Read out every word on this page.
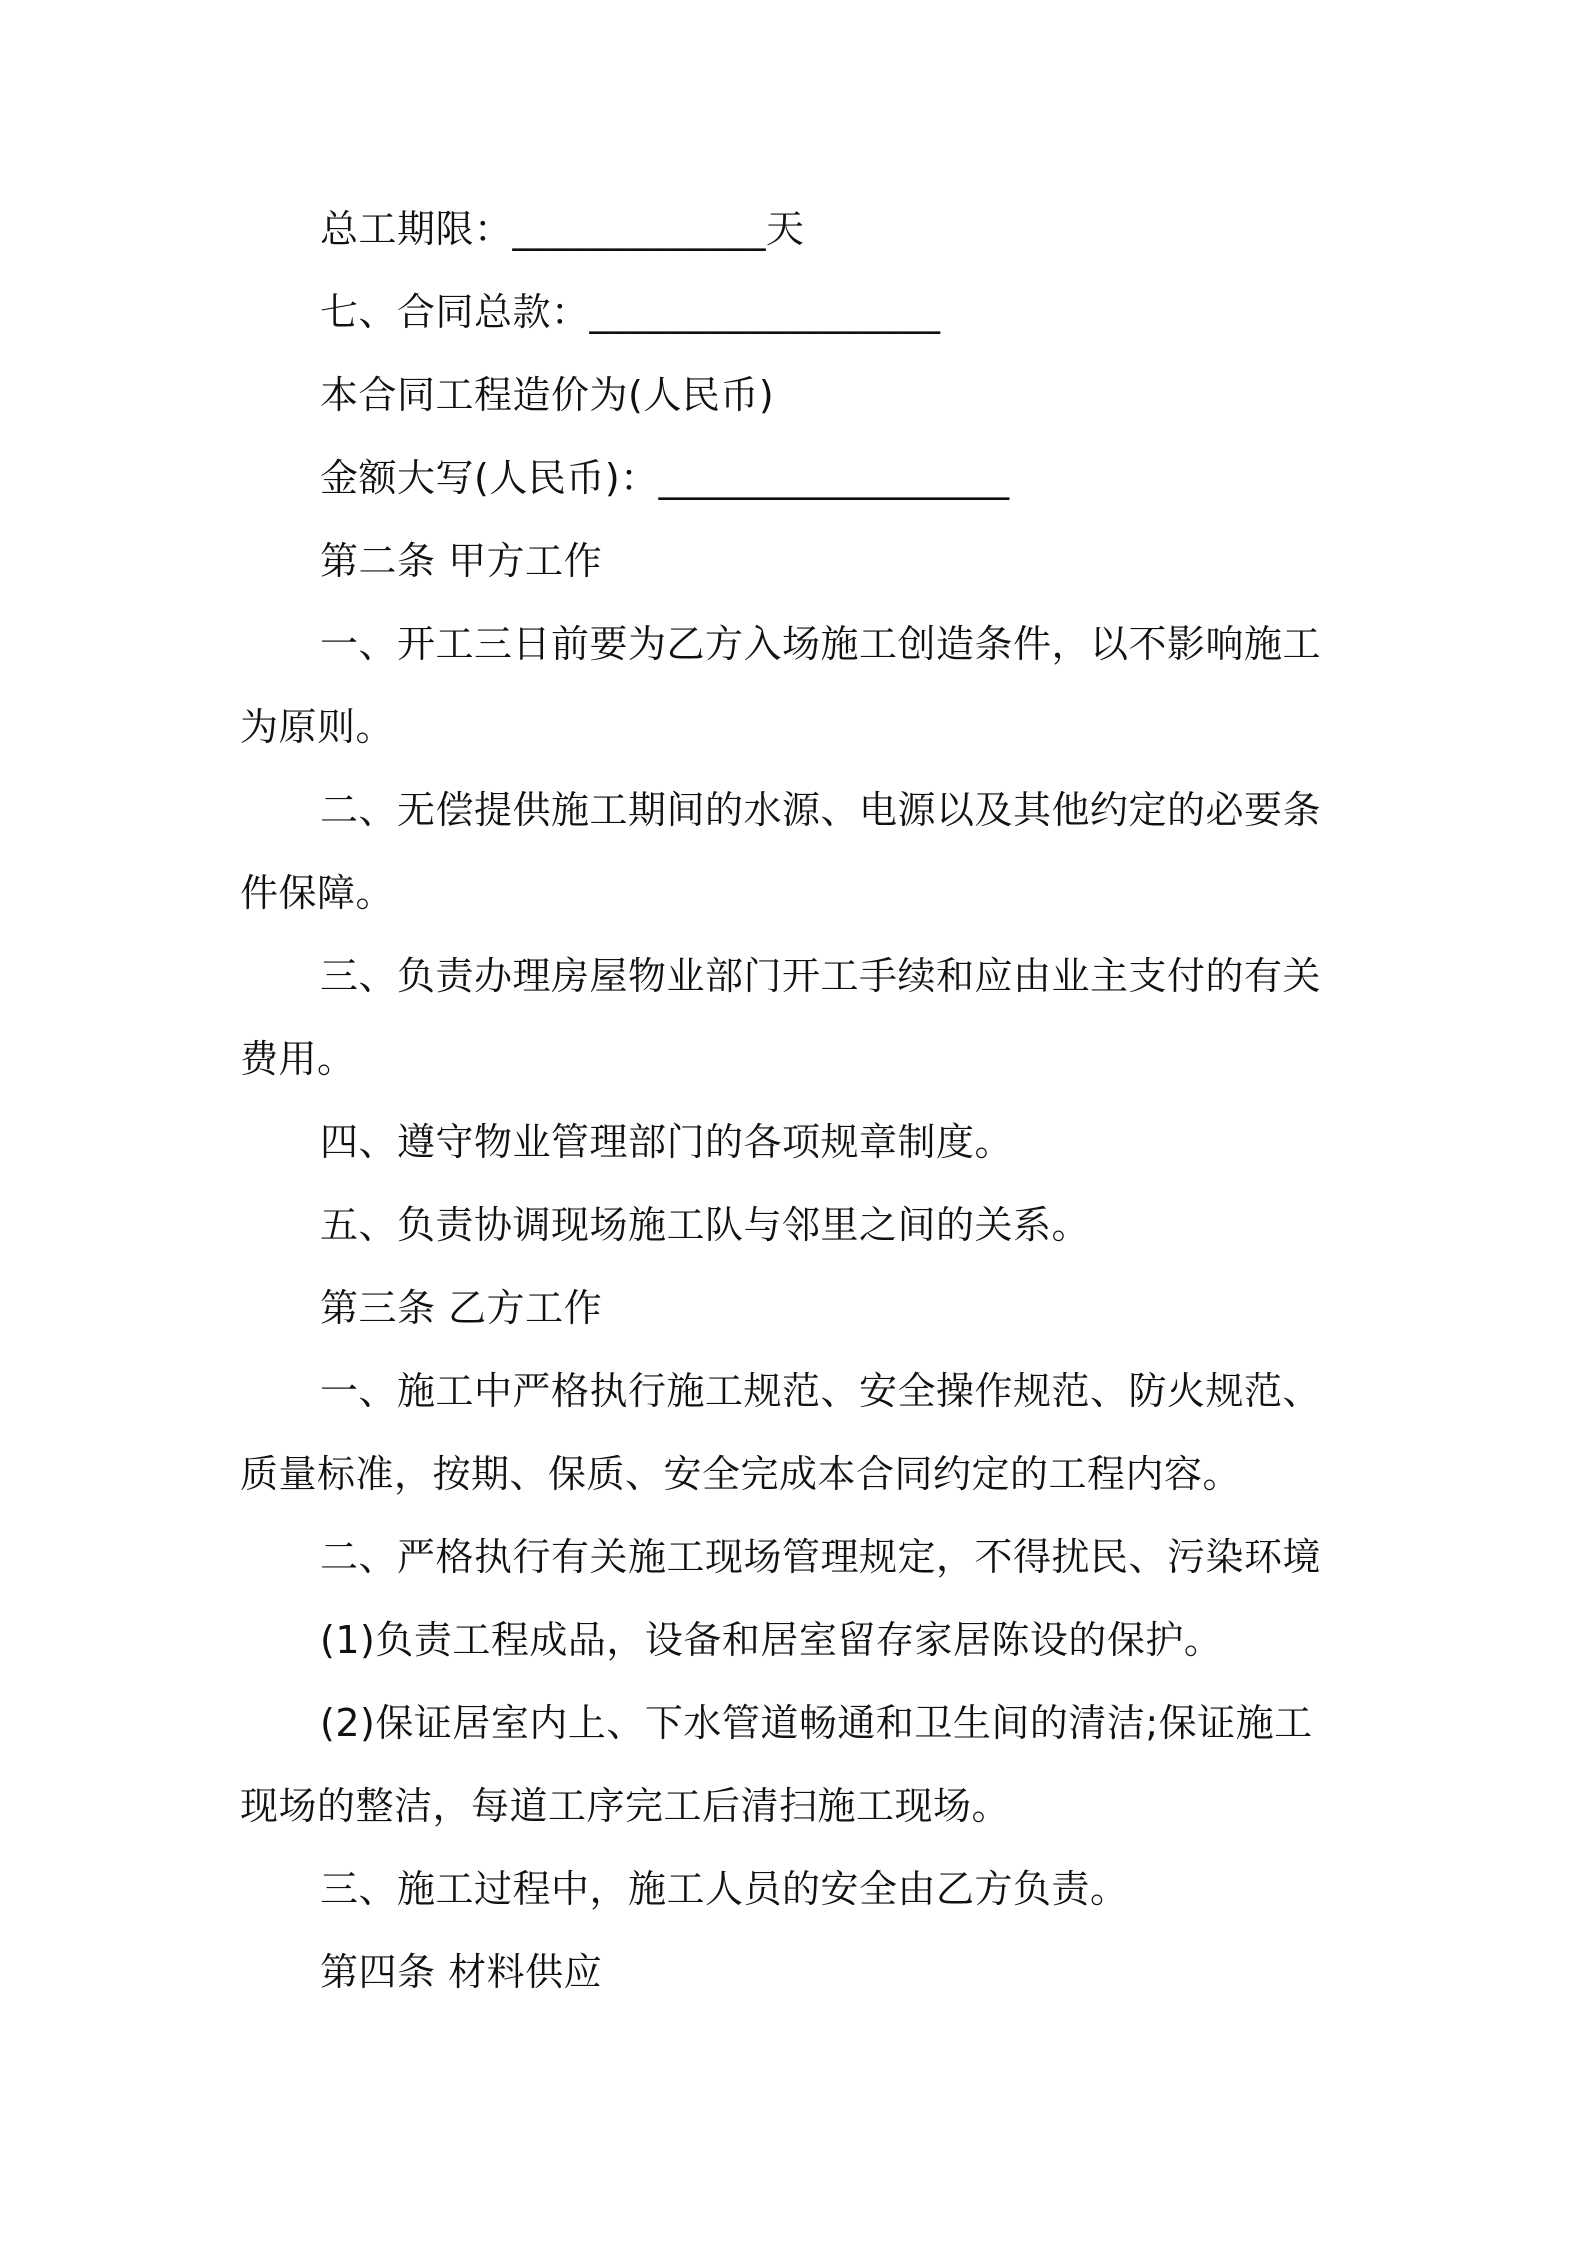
总工期限：_____________天

七、合同总款：__________________

本合同工程造价为(人民币)

金额大写(人民币)：__________________

第二条 甲方工作

一、开工三日前要为乙方入场施工创造条件，以不影响施工

为原则。

二、无偿提供施工期间的水源、电源以及其他约定的必要条

件保障。

三、负责办理房屋物业部门开工手续和应由业主支付的有关

费用。

四、遵守物业管理部门的各项规章制度。

五、负责协调现场施工队与邻里之间的关系。

第三条 乙方工作

一、施工中严格执行施工规范、安全操作规范、防火规范、

质量标准，按期、保质、安全完成本合同约定的工程内容。

二、严格执行有关施工现场管理规定，不得扰民、污染环境

(1)负责工程成品，设备和居室留存家居陈设的保护。

(2)保证居室内上、下水管道畅通和卫生间的清洁;保证施工

现场的整洁，每道工序完工后清扫施工现场。

三、施工过程中，施工人员的安全由乙方负责。

第四条 材料供应
